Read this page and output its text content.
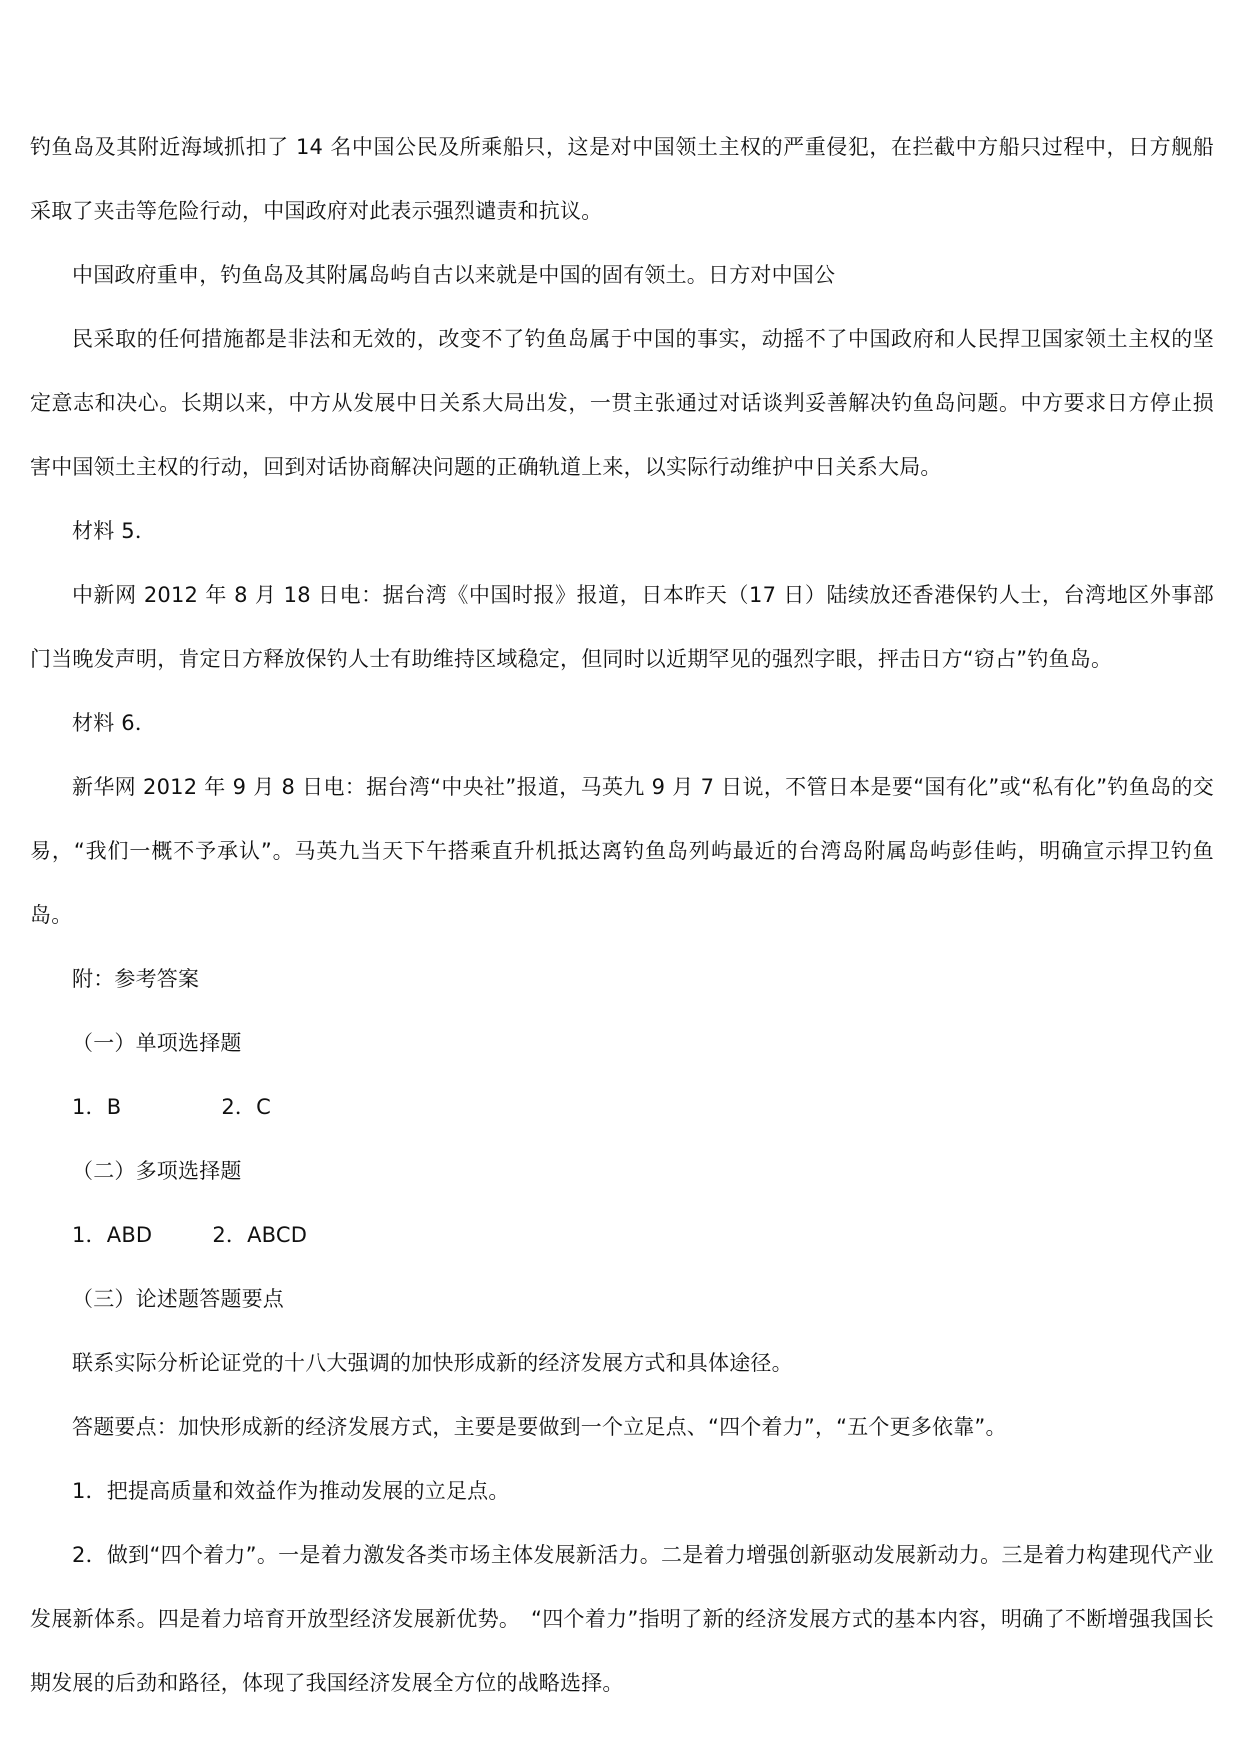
钓鱼岛及其附近海域抓扣了 14 名中国公民及所乘船只，这是对中国领土主权的严重侵犯，在拦截中方船只过程中，日方舰船采取了夹击等危险行动，中国政府对此表示强烈谴责和抗议。

中国政府重申，钓鱼岛及其附属岛屿自古以来就是中国的固有领土。日方对中国公

民采取的任何措施都是非法和无效的，改变不了钓鱼岛属于中国的事实，动摇不了中国政府和人民捍卫国家领土主权的坚定意志和决心。长期以来，中方从发展中日关系大局出发，一贯主张通过对话谈判妥善解决钓鱼岛问题。中方要求日方停止损害中国领土主权的行动，回到对话协商解决问题的正确轨道上来，以实际行动维护中日关系大局。

材料 5．

中新网 2012 年 8 月 18 日电：据台湾《中国时报》报道，日本昨天（17 日）陆续放还香港保钓人士，台湾地区外事部门当晚发声明，肯定日方释放保钓人士有助维持区域稳定，但同时以近期罕见的强烈字眼，抨击日方“窃占”钓鱼岛。

材料 6．

新华网 2012 年 9 月 8 日电：据台湾“中央社”报道，马英九 9 月 7 日说，不管日本是要“国有化”或“私有化”钓鱼岛的交易，“我们一概不予承认”。马英九当天下午搭乘直升机抵达离钓鱼岛列屿最近的台湾岛附属岛屿彭佳屿，明确宣示捍卫钓鱼岛。

附：参考答案

（一）单项选择题

1．B	2．C

（二）多项选择题

1．ABD	2．ABCD

（三）论述题答题要点

联系实际分析论证党的十八大强调的加快形成新的经济发展方式和具体途径。

答题要点：加快形成新的经济发展方式，主要是要做到一个立足点、“四个着力”，“五个更多依靠”。

1．把提高质量和效益作为推动发展的立足点。

2．做到“四个着力”。一是着力激发各类市场主体发展新活力。二是着力增强创新驱动发展新动力。三是着力构建现代产业发展新体系。四是着力培育开放型经济发展新优势。　“四个着力”指明了新的经济发展方式的基本内容，明确了不断增强我国长期发展的后劲和路径，体现了我国经济发展全方位的战略选择。
